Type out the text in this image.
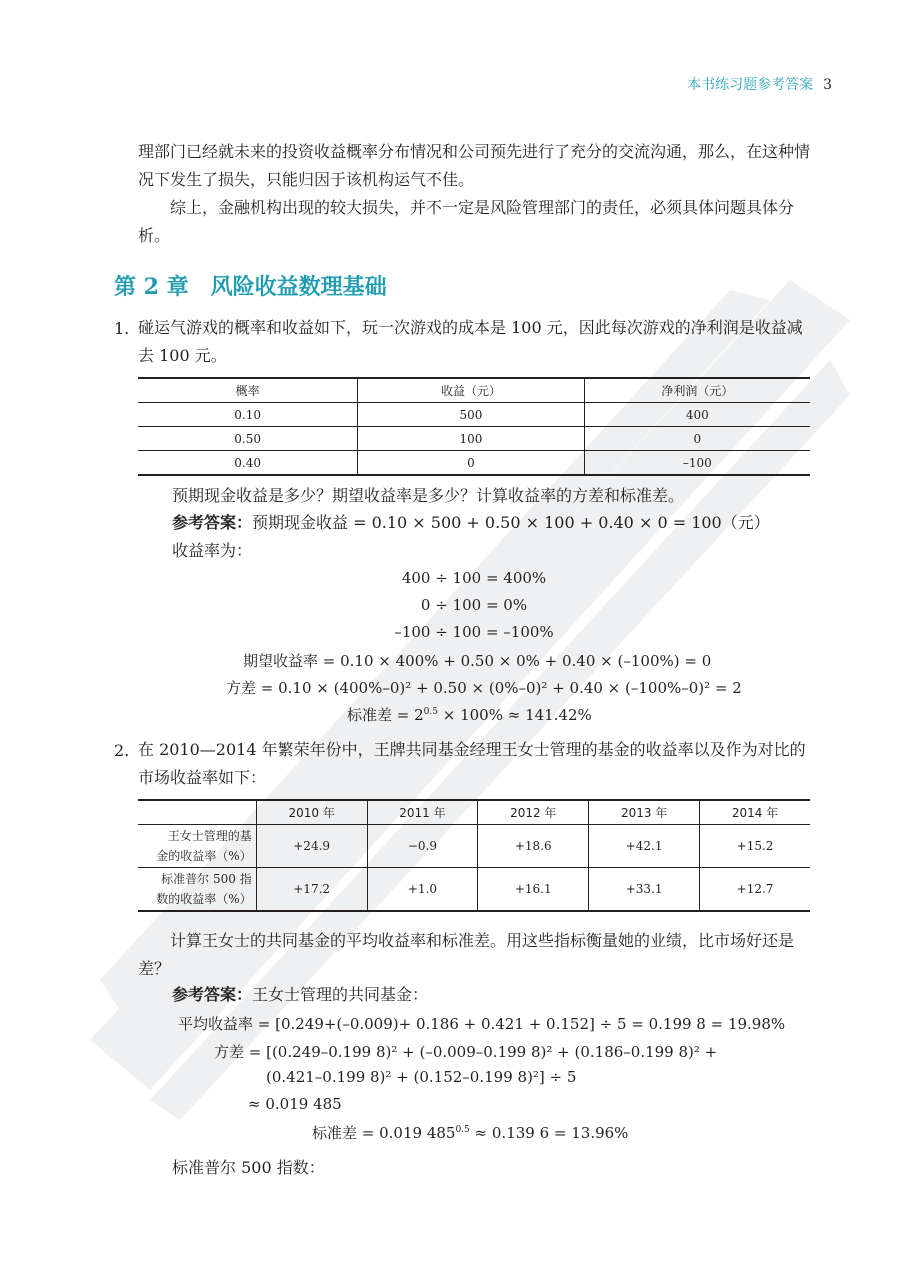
本书练习题参考答案 3
理部门已经就未来的投资收益概率分布情况和公司预先进行了充分的交流沟通，那么，在这种情况下发生了损失，只能归因于该机构运气不佳。
综上，金融机构出现的较大损失，并不一定是风险管理部门的责任，必须具体问题具体分析。
第 2 章 风险收益数理基础
1. 碰运气游戏的概率和收益如下，玩一次游戏的成本是 100 元，因此每次游戏的净利润是收益减去 100 元。
概率	收益（元）	净利润（元）
0.10	500	400
0.50	100	0
0.40	0	–100
预期现金收益是多少？期望收益率是多少？计算收益率的方差和标准差。
参考答案：预期现金收益 = 0.10 × 500 + 0.50 × 100 + 0.40 × 0 = 100（元）
收益率为：
400 ÷ 100 = 400%
0 ÷ 100 = 0%
–100 ÷ 100 = –100%
期望收益率 = 0.10 × 400% + 0.50 × 0% + 0.40 × (–100%) = 0
方差 = 0.10 × (400%–0)² + 0.50 × (0%–0)² + 0.40 × (–100%–0)² = 2
标准差 = $2^{0.5} \times 100\% \approx 141.42\%$
2. 在 2010—2014 年繁荣年份中，王牌共同基金经理王女士管理的基金的收益率以及作为对比的市场收益率如下：
	2010 年	2011 年	2012 年	2013 年	2014 年
王女士管理的基
金的收益率（%）	+24.9	−0.9	+18.6	+42.1	+15.2
标准普尔 500 指
数的收益率（%）	+17.2	+1.0	+16.1	+33.1	+12.7
计算王女士的共同基金的平均收益率和标准差。用这些指标衡量她的业绩，比市场好还是差？
参考答案：王女士管理的共同基金：
平均收益率 = [0.249+(–0.009)+ 0.186 + 0.421 + 0.152] ÷ 5 = 0.199 8 = 19.98%
方差 = [(0.249–0.199 8)² + (–0.009–0.199 8)² + (0.186–0.199 8)² +
(0.421–0.199 8)² + (0.152–0.199 8)²] ÷ 5
≈ 0.019 485
标准差 = 0.019 $485^{0.5} \approx 0.139$ 6 = 13.96%
标准普尔 500 指数：
